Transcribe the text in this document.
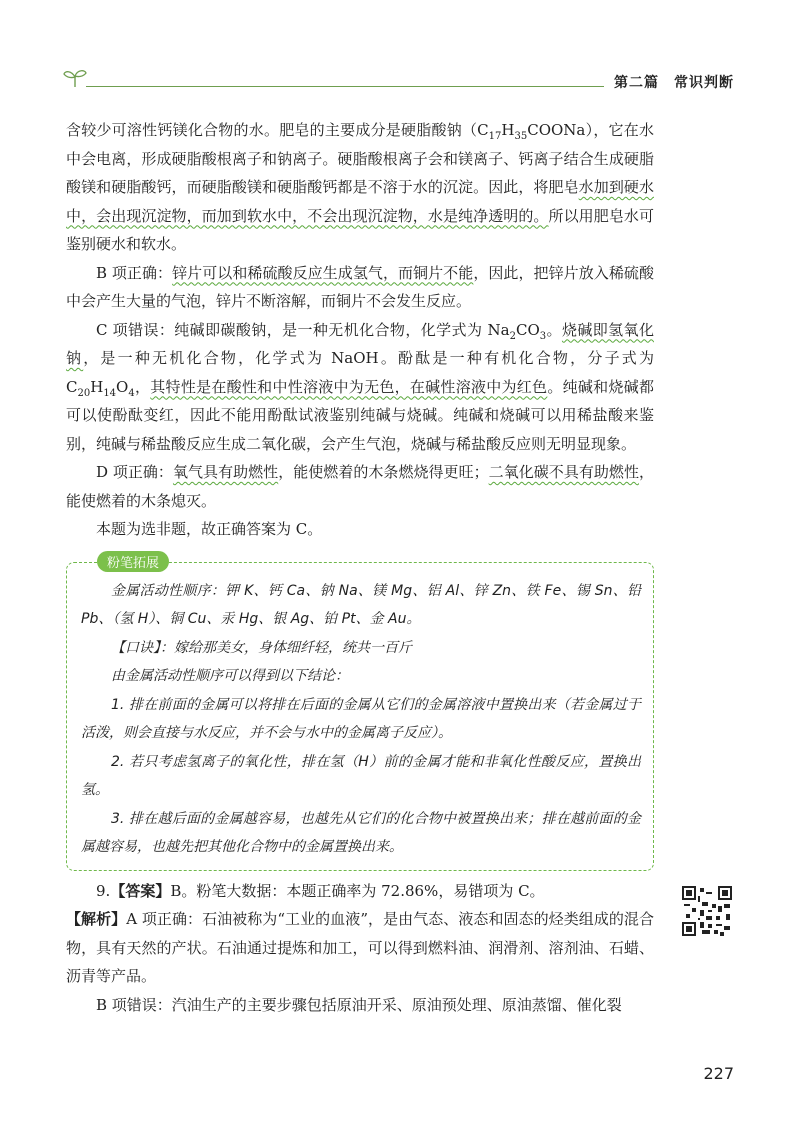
第二篇　常识判断

含较少可溶性钙镁化合物的水。肥皂的主要成分是硬脂酸钠$(C_{17}H_{35}COONa)$，它在水中会电离，形成硬脂酸根离子和钠离子。硬脂酸根离子会和镁离子、钙离子结合生成硬脂酸镁和硬脂酸钙，而硬脂酸镁和硬脂酸钙都是不溶于水的沉淀。因此，将肥皂水加到硬水中，会出现沉淀物，而加到软水中，不会出现沉淀物，水是纯净透明的。所以用肥皂水可鉴别硬水和软水。

B 项正确：锌片可以和稀硫酸反应生成氢气，而铜片不能，因此，把锌片放入稀硫酸中会产生大量的气泡，锌片不断溶解，而铜片不会发生反应。

C 项错误：纯碱即碳酸钠，是一种无机化合物，化学式为 $Na_2CO_3$。烧碱即氢氧化钠，是一种无机化合物，化学式为 NaOH。酚酞是一种有机化合物，分子式为 $C_{20}H_{14}O_4$，其特性是在酸性和中性溶液中为无色，在碱性溶液中为红色。纯碱和烧碱都可以使酚酞变红，因此不能用酚酞试液鉴别纯碱与烧碱。纯碱和烧碱可以用稀盐酸来鉴别，纯碱与稀盐酸反应生成二氧化碳，会产生气泡，烧碱与稀盐酸反应则无明显现象。

D 项正确：氧气具有助燃性，能使燃着的木条燃烧得更旺；二氧化碳不具有助燃性，能使燃着的木条熄灭。

本题为选非题，故正确答案为 C。

粉笔拓展

金属活动性顺序：钾 K、钙 Ca、钠 Na、镁 Mg、铝 Al、锌 Zn、铁 Fe、锡 Sn、铅 Pb、（氢 H）、铜 Cu、汞 Hg、银 Ag、铂 Pt、金 Au。

【口诀】：嫁给那美女，身体细纤轻，统共一百斤

由金属活动性顺序可以得到以下结论：

1. 排在前面的金属可以将排在后面的金属从它们的金属溶液中置换出来（若金属过于活泼，则会直接与水反应，并不会与水中的金属离子反应）。

2. 若只考虑氢离子的氧化性，排在氢（H）前的金属才能和非氧化性酸反应，置换出氢。

3. 排在越后面的金属越容易，也越先从它们的化合物中被置换出来；排在越前面的金属越容易，也越先把其他化合物中的金属置换出来。

9.【答案】B。粉笔大数据：本题正确率为 72.86%，易错项为 C。

【解析】A 项正确：石油被称为“工业的血液”，是由气态、液态和固态的烃类组成的混合物，具有天然的产状。石油通过提炼和加工，可以得到燃料油、润滑剂、溶剂油、石蜡、沥青等产品。

B 项错误：汽油生产的主要步骤包括原油开采、原油预处理、原油蒸馏、催化裂

227
